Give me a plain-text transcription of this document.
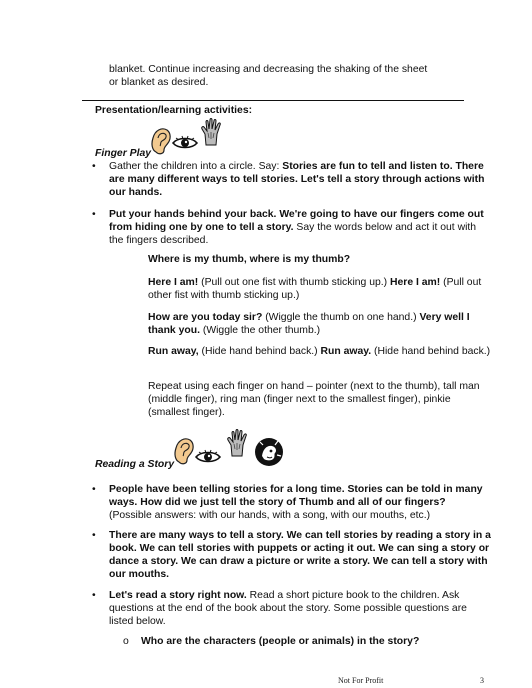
blanket. Continue increasing and decreasing the shaking of the sheet
or blanket as desired.
Presentation/learning activities:
Finger Play
•	Gather the children into a circle. Say: Stories are fun to tell and listen to. There are many different ways to tell stories. Let's tell a story through actions with our hands.
•	Put your hands behind your back. We're going to have our fingers come out from hiding one by one to tell a story. Say the words below and act it out with the fingers described.
Where is my thumb, where is my thumb?
Here I am! (Pull out one fist with thumb sticking up.) Here I am! (Pull out other fist with thumb sticking up.)
How are you today sir? (Wiggle the thumb on one hand.) Very well I thank you. (Wiggle the other thumb.)
Run away, (Hide hand behind back.) Run away. (Hide hand behind back.)
Repeat using each finger on hand – pointer (next to the thumb), tall man (middle finger), ring man (finger next to the smallest finger), pinkie (smallest finger).
Reading a Story
•	People have been telling stories for a long time. Stories can be told in many ways. How did we just tell the story of Thumb and all of our fingers? (Possible answers: with our hands, with a song, with our mouths, etc.)
•	There are many ways to tell a story. We can tell stories by reading a story in a book. We can tell stories with puppets or acting it out. We can sing a story or dance a story. We can draw a picture or write a story. We can tell a story with our mouths.
•	Let's read a story right now. Read a short picture book to the children. Ask questions at the end of the book about the story. Some possible questions are listed below.
o Who are the characters (people or animals) in the story?
Not For Profit	3
